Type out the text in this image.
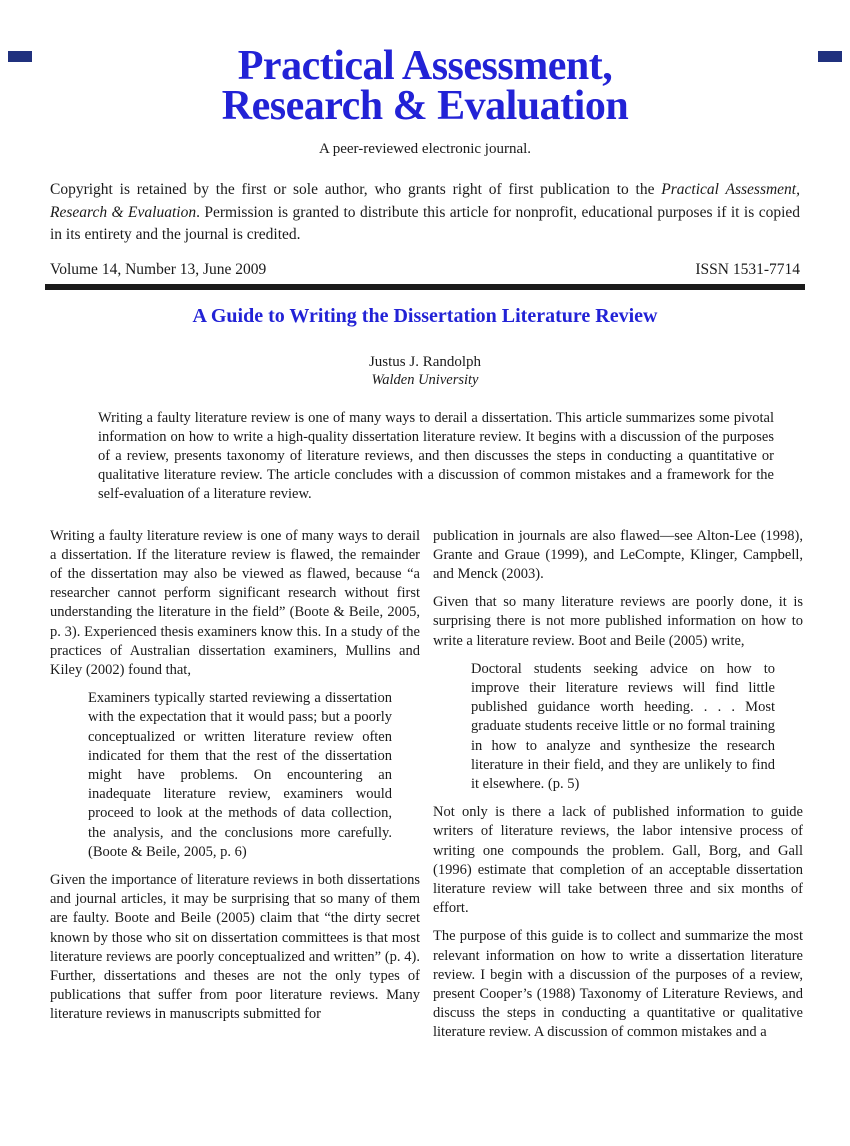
Practical Assessment,
Research & Evaluation
A peer-reviewed electronic journal.

Copyright is retained by the first or sole author, who grants right of first publication to the Practical Assessment, Research & Evaluation. Permission is granted to distribute this article for nonprofit, educational purposes if it is copied in its entirety and the journal is credited.

Volume 14, Number 13, June 2009	ISSN 1531-7714
A Guide to Writing the Dissertation Literature Review
Justus J. Randolph
Walden University

Writing a faulty literature review is one of many ways to derail a dissertation. This article summarizes some pivotal information on how to write a high-quality dissertation literature review. It begins with a discussion of the purposes of a review, presents taxonomy of literature reviews, and then discusses the steps in conducting a quantitative or qualitative literature review. The article concludes with a discussion of common mistakes and a framework for the self-evaluation of a literature review.

Writing a faulty literature review is one of many ways to derail a dissertation. If the literature review is flawed, the remainder of the dissertation may also be viewed as flawed, because “a researcher cannot perform significant research without first understanding the literature in the field” (Boote & Beile, 2005, p. 3). Experienced thesis examiners know this. In a study of the practices of Australian dissertation examiners, Mullins and Kiley (2002) found that,

Examiners typically started reviewing a dissertation with the expectation that it would pass; but a poorly conceptualized or written literature review often indicated for them that the rest of the dissertation might have problems. On encountering an inadequate literature review, examiners would proceed to look at the methods of data collection, the analysis, and the conclusions more carefully. (Boote & Beile, 2005, p. 6)

Given the importance of literature reviews in both dissertations and journal articles, it may be surprising that so many of them are faulty. Boote and Beile (2005) claim that “the dirty secret known by those who sit on dissertation committees is that most literature reviews are poorly conceptualized and written” (p. 4). Further, dissertations and theses are not the only types of publications that suffer from poor literature reviews. Many literature reviews in manuscripts submitted for

publication in journals are also flawed—see Alton-Lee (1998), Grante and Graue (1999), and LeCompte, Klinger, Campbell, and Menck (2003).

Given that so many literature reviews are poorly done, it is surprising there is not more published information on how to write a literature review. Boot and Beile (2005) write,

Doctoral students seeking advice on how to improve their literature reviews will find little published guidance worth heeding. . . . Most graduate students receive little or no formal training in how to analyze and synthesize the research literature in their field, and they are unlikely to find it elsewhere. (p. 5)

Not only is there a lack of published information to guide writers of literature reviews, the labor intensive process of writing one compounds the problem. Gall, Borg, and Gall (1996) estimate that completion of an acceptable dissertation literature review will take between three and six months of effort.

The purpose of this guide is to collect and summarize the most relevant information on how to write a dissertation literature review. I begin with a discussion of the purposes of a review, present Cooper’s (1988) Taxonomy of Literature Reviews, and discuss the steps in conducting a quantitative or qualitative literature review. A discussion of common mistakes and a
